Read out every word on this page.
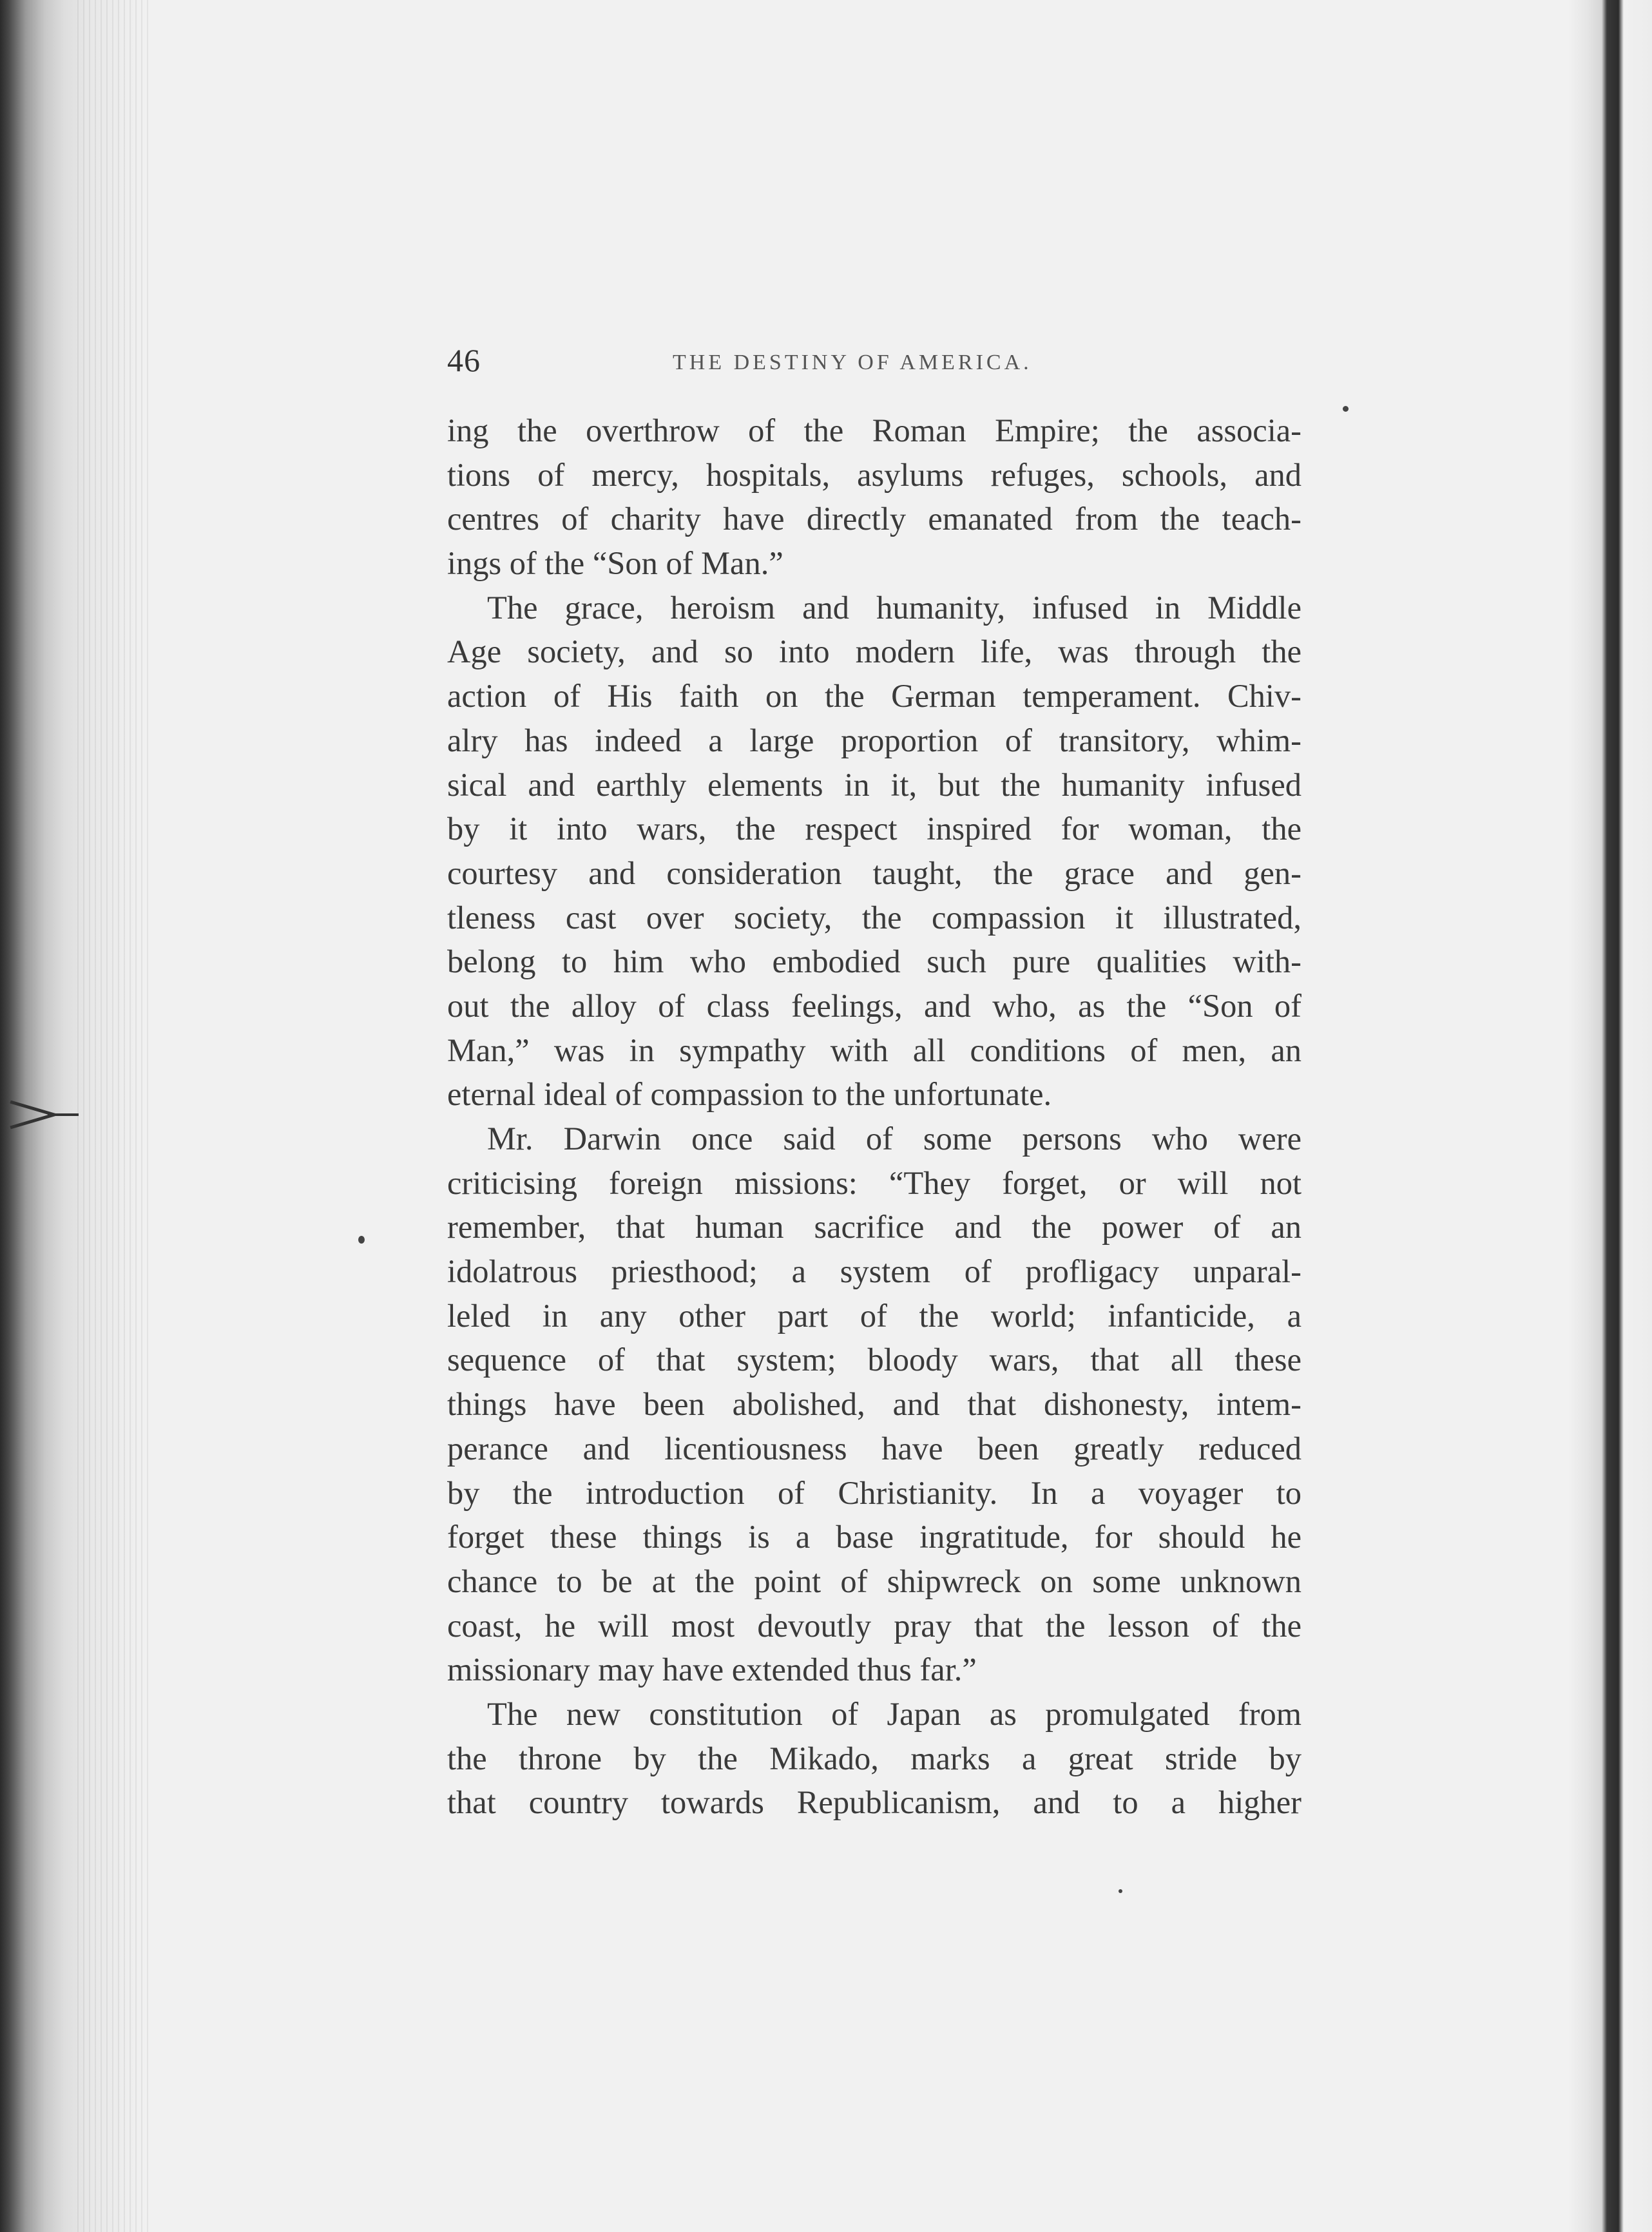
46	THE DESTINY OF AMERICA.
ing the overthrow of the Roman Empire; the associa-
tions of mercy, hospitals, asylums refuges, schools, and
centres of charity have directly emanated from the teach-
ings of the “Son of Man.”
The grace, heroism and humanity, infused in Middle
Age society, and so into modern life, was through the
action of His faith on the German temperament. Chiv-
alry has indeed a large proportion of transitory, whim-
sical and earthly elements in it, but the humanity infused
by it into wars, the respect inspired for woman, the
courtesy and consideration taught, the grace and gen-
tleness cast over society, the compassion it illustrated,
belong to him who embodied such pure qualities with-
out the alloy of class feelings, and who, as the “Son of
Man,” was in sympathy with all conditions of men, an
eternal ideal of compassion to the unfortunate.
Mr. Darwin once said of some persons who were
criticising foreign missions: “They forget, or will not
remember, that human sacrifice and the power of an
idolatrous priesthood; a system of profligacy unparal-
leled in any other part of the world; infanticide, a
sequence of that system; bloody wars, that all these
things have been abolished, and that dishonesty, intem-
perance and licentiousness have been greatly reduced
by the introduction of Christianity. In a voyager to
forget these things is a base ingratitude, for should he
chance to be at the point of shipwreck on some unknown
coast, he will most devoutly pray that the lesson of the
missionary may have extended thus far.”
The new constitution of Japan as promulgated from
the throne by the Mikado, marks a great stride by
that country towards Republicanism, and to a higher
